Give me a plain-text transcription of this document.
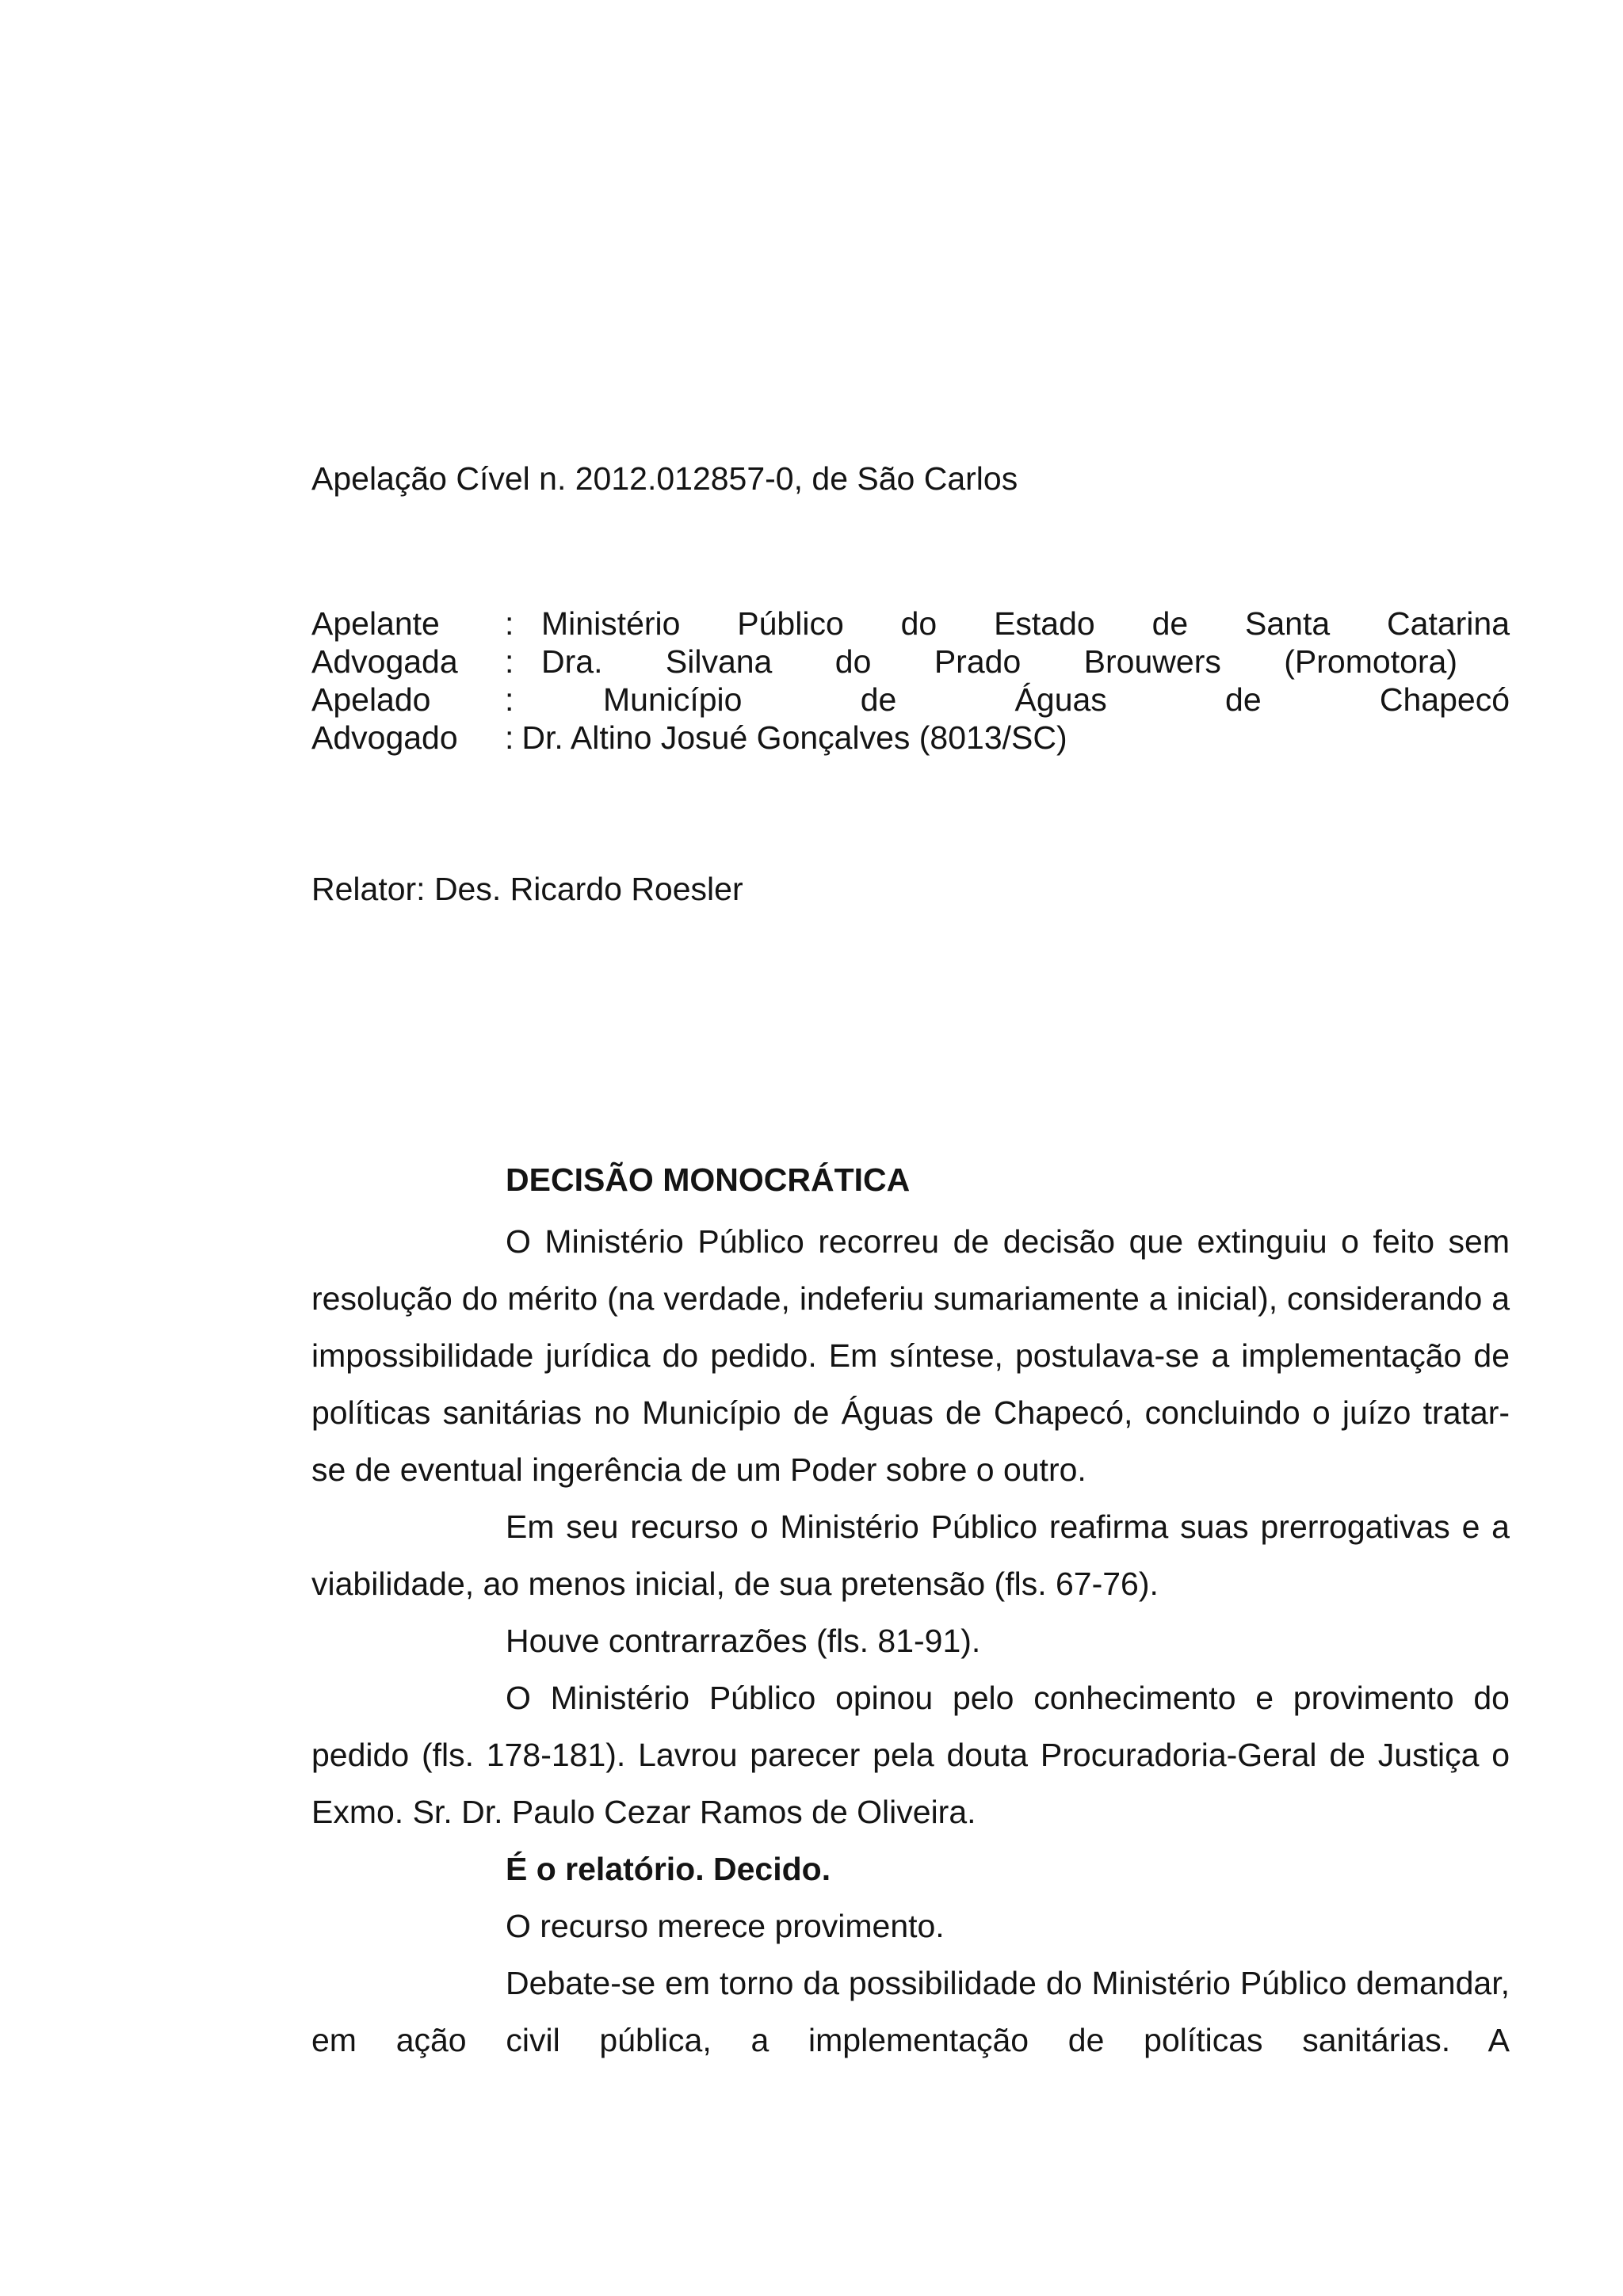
Apelação Cível n. 2012.012857-0, de São Carlos
Apelante	: Ministério Público do Estado de Santa Catarina
Advogada	: Dra. Silvana do Prado Brouwers (Promotora)
Apelado	:	Município de Águas de Chapecó
Advogado	: Dr. Altino Josué Gonçalves (8013/SC)
Relator: Des. Ricardo Roesler
DECISÃO MONOCRÁTICA

O Ministério Público recorreu de decisão que extinguiu o feito sem resolução do mérito (na verdade, indeferiu sumariamente a inicial), considerando a impossibilidade jurídica do pedido. Em síntese, postulava-se a implementação de políticas sanitárias no Município de Águas de Chapecó, concluindo o juízo tratar-se de eventual ingerência de um Poder sobre o outro.

Em seu recurso o Ministério Público reafirma suas prerrogativas e a viabilidade, ao menos inicial, de sua pretensão (fls. 67-76).

Houve contrarrazões (fls. 81-91).

O Ministério Público opinou pelo conhecimento e provimento do pedido (fls. 178-181). Lavrou parecer pela douta Procuradoria-Geral de Justiça o Exmo. Sr. Dr. Paulo Cezar Ramos de Oliveira.

É o relatório. Decido.

O recurso merece provimento.

Debate-se em torno da possibilidade do Ministério Público demandar, em ação civil pública, a implementação de políticas sanitárias. A
